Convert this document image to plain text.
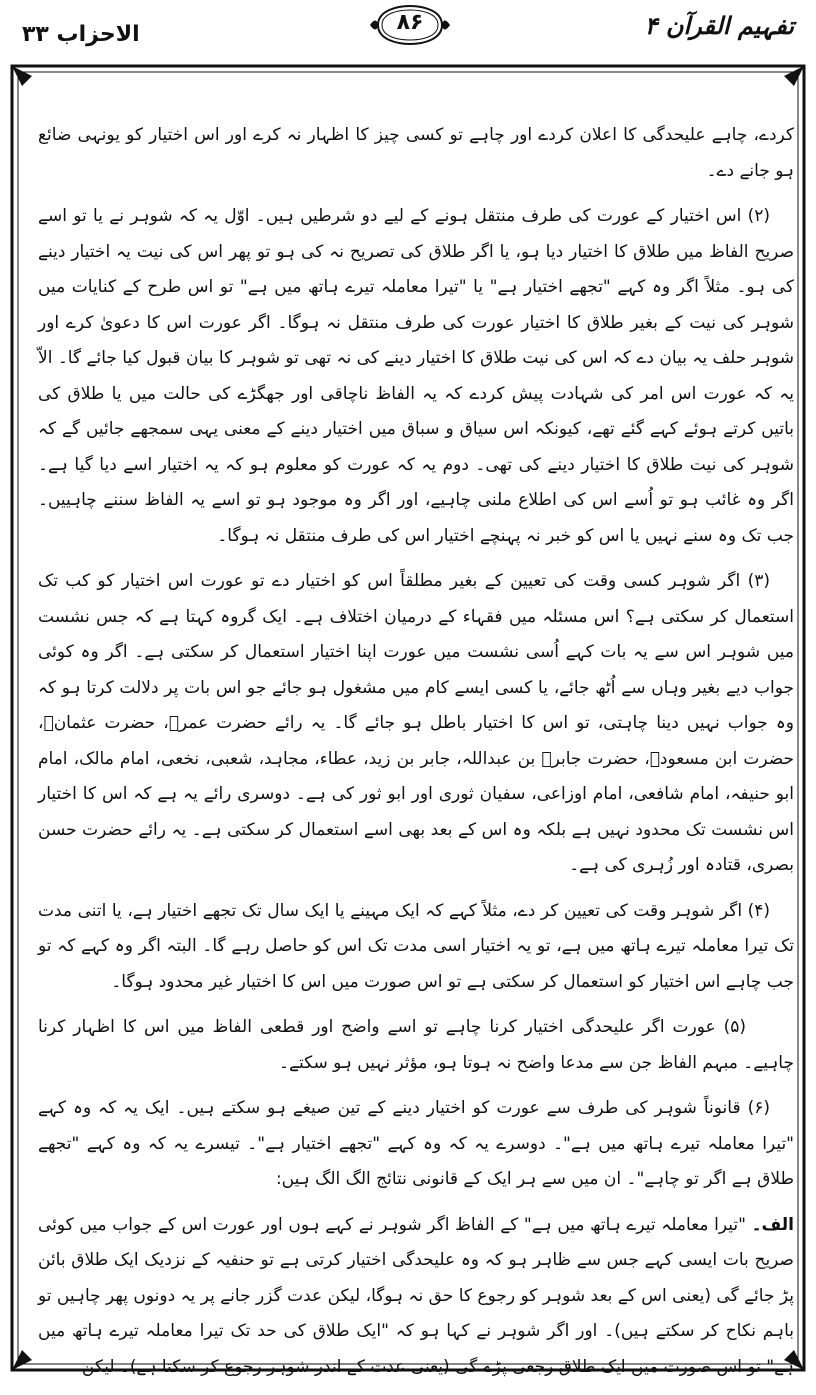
الاحزاب ۳۳	۸۶	تفہیم القرآن ۴

کردے، چاہے علیحدگی کا اعلان کردے اور چاہے تو کسی چیز کا اظہار نہ کرے اور اس اختیار کو یونہی ضائع ہو جانے دے۔

(۲) اس اختیار کے عورت کی طرف منتقل ہونے کے لیے دو شرطیں ہیں۔ اوّل یہ کہ شوہر نے یا تو اسے صریح الفاظ میں طلاق کا اختیار دیا ہو، یا اگر طلاق کی تصریح نہ کی ہو تو پھر اس کی نیت یہ اختیار دینے کی ہو۔ مثلاً اگر وہ کہے "تجھے اختیار ہے" یا "تیرا معاملہ تیرے ہاتھ میں ہے" تو اس طرح کے کنایات میں شوہر کی نیت کے بغیر طلاق کا اختیار عورت کی طرف منتقل نہ ہوگا۔ اگر عورت اس کا دعویٰ کرے اور شوہر حلف یہ بیان دے کہ اس کی نیت طلاق کا اختیار دینے کی نہ تھی تو شوہر کا بیان قبول کیا جائے گا۔ الاّ یہ کہ عورت اس امر کی شہادت پیش کردے کہ یہ الفاظ ناچاقی اور جھگڑے کی حالت میں یا طلاق کی باتیں کرتے ہوئے کہے گئے تھے، کیونکہ اس سیاق و سباق میں اختیار دینے کے معنی یہی سمجھے جائیں گے کہ شوہر کی نیت طلاق کا اختیار دینے کی تھی۔ دوم یہ کہ عورت کو معلوم ہو کہ یہ اختیار اسے دیا گیا ہے۔ اگر وہ غائب ہو تو اُسے اس کی اطلاع ملنی چاہیے، اور اگر وہ موجود ہو تو اسے یہ الفاظ سننے چاہییں۔ جب تک وہ سنے نہیں یا اس کو خبر نہ پہنچے اختیار اس کی طرف منتقل نہ ہوگا۔

(۳) اگر شوہر کسی وقت کی تعیین کے بغیر مطلقاً اس کو اختیار دے تو عورت اس اختیار کو کب تک استعمال کر سکتی ہے؟ اس مسئلہ میں فقہاء کے درمیان اختلاف ہے۔ ایک گروہ کہتا ہے کہ جس نشست میں شوہر اس سے یہ بات کہے اُسی نشست میں عورت اپنا اختیار استعمال کر سکتی ہے۔ اگر وہ کوئی جواب دیے بغیر وہاں سے اُٹھ جائے، یا کسی ایسے کام میں مشغول ہو جائے جو اس بات پر دلالت کرتا ہو کہ وہ جواب نہیں دینا چاہتی، تو اس کا اختیار باطل ہو جائے گا۔ یہ رائے حضرت عمرؓ، حضرت عثمانؓ، حضرت ابن مسعودؓ، حضرت جابرؓ بن عبداللہ، جابر بن زید، عطاء، مجاہد، شعبی، نخعی، امام مالک، امام ابو حنیفہ، امام شافعی، امام اوزاعی، سفیان ثوری اور ابو ثور کی ہے۔ دوسری رائے یہ ہے کہ اس کا اختیار اس نشست تک محدود نہیں ہے بلکہ وہ اس کے بعد بھی اسے استعمال کر سکتی ہے۔ یہ رائے حضرت حسن بصری، قتادہ اور زُہری کی ہے۔

(۴) اگر شوہر وقت کی تعیین کر دے، مثلاً کہے کہ ایک مہینے یا ایک سال تک تجھے اختیار ہے، یا اتنی مدت تک تیرا معاملہ تیرے ہاتھ میں ہے، تو یہ اختیار اسی مدت تک اس کو حاصل رہے گا۔ البتہ اگر وہ کہے کہ تو جب چاہے اس اختیار کو استعمال کر سکتی ہے تو اس صورت میں اس کا اختیار غیر محدود ہوگا۔

(۵) عورت اگر علیحدگی اختیار کرنا چاہے تو اسے واضح اور قطعی الفاظ میں اس کا اظہار کرنا چاہیے۔ مبہم الفاظ جن سے مدعا واضح نہ ہوتا ہو، مؤثر نہیں ہو سکتے۔

(۶) قانوناً شوہر کی طرف سے عورت کو اختیار دینے کے تین صیغے ہو سکتے ہیں۔ ایک یہ کہ وہ کہے "تیرا معاملہ تیرے ہاتھ میں ہے"۔ دوسرے یہ کہ وہ کہے "تجھے اختیار ہے"۔ تیسرے یہ کہ وہ کہے "تجھے طلاق ہے اگر تو چاہے"۔ ان میں سے ہر ایک کے قانونی نتائج الگ الگ ہیں:

الف۔ "تیرا معاملہ تیرے ہاتھ میں ہے" کے الفاظ اگر شوہر نے کہے ہوں اور عورت اس کے جواب میں کوئی صریح بات ایسی کہے جس سے ظاہر ہو کہ وہ علیحدگی اختیار کرتی ہے تو حنفیہ کے نزدیک ایک طلاق بائن پڑ جائے گی (یعنی اس کے بعد شوہر کو رجوع کا حق نہ ہوگا، لیکن عدت گزر جانے پر یہ دونوں پھر چاہیں تو باہم نکاح کر سکتے ہیں)۔ اور اگر شوہر نے کہا ہو کہ "ایک طلاق کی حد تک تیرا معاملہ تیرے ہاتھ میں ہے" تو اس صورت میں ایک طلاق رجعی پڑے گی (یعنی عدت کے اندر شوہر رجوع کر سکتا ہے)۔ لیکن
